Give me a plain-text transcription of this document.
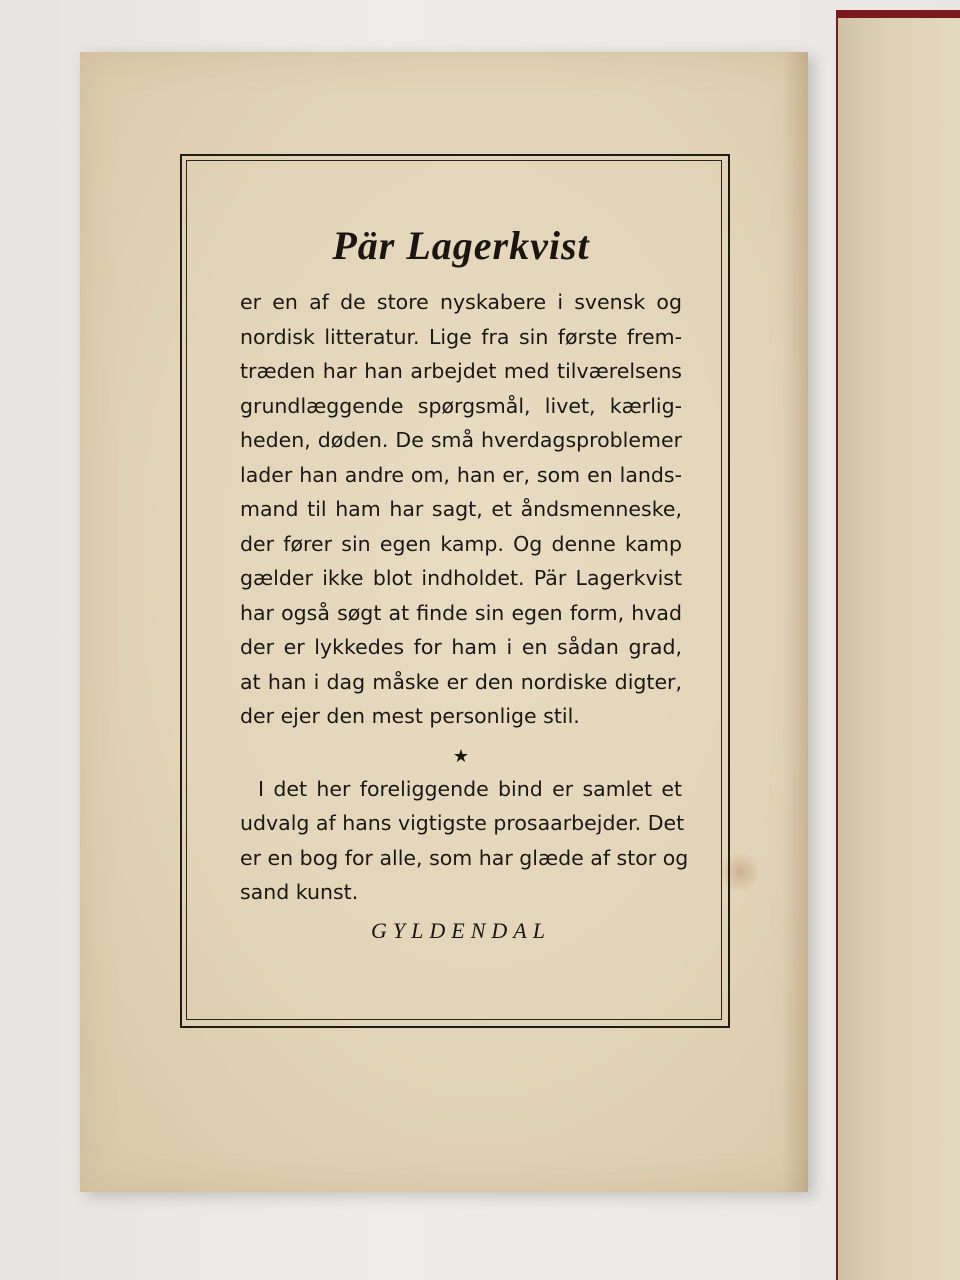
Pär Lagerkvist
er en af de store nyskabere i svensk og
nordisk litteratur. Lige fra sin første frem-
træden har han arbejdet med tilværelsens
grundlæggende spørgsmål, livet, kærlig-
heden, døden. De små hverdagsproblemer
lader han andre om, han er, som en lands-
mand til ham har sagt, et åndsmenneske,
der fører sin egen kamp. Og denne kamp
gælder ikke blot indholdet. Pär Lagerkvist
har også søgt at finde sin egen form, hvad
der er lykkedes for ham i en sådan grad,
at han i dag måske er den nordiske digter,
der ejer den mest personlige stil.
★
I det her foreliggende bind er samlet et
udvalg af hans vigtigste prosaarbejder. Det
er en bog for alle, som har glæde af stor og
sand kunst.
GYLDENDAL
